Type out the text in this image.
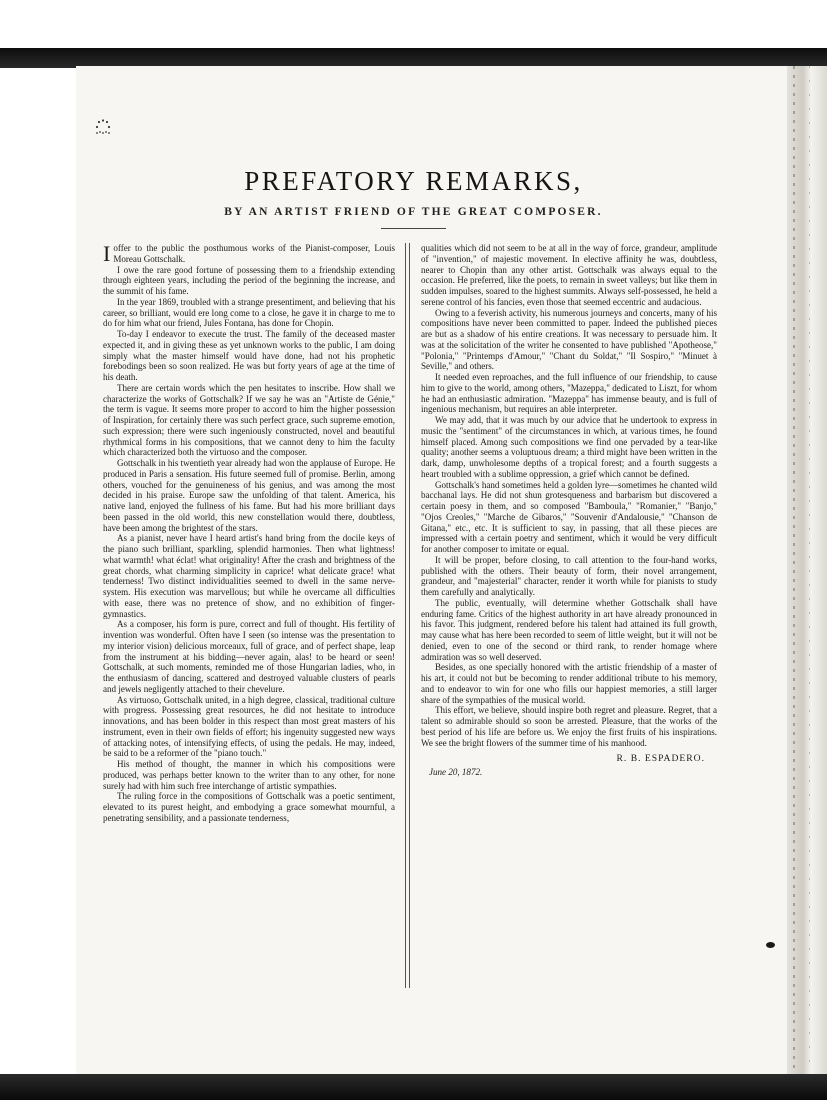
PREFATORY REMARKS,
BY AN ARTIST FRIEND OF THE GREAT COMPOSER.

Ioffer to the public the posthumous works of the Pianist-composer, Louis Moreau Gottschalk.

I owe the rare good fortune of possessing them to a friendship extending through eighteen years, including the period of the beginning the increase, and the summit of his fame.

In the year 1869, troubled with a strange presentiment, and believing that his career, so brilliant, would ere long come to a close, he gave it in charge to me to do for him what our friend, Jules Fontana, has done for Chopin.

To-day I endeavor to execute the trust. The family of the deceased master expected it, and in giving these as yet unknown works to the public, I am doing simply what the master himself would have done, had not his prophetic forebodings been so soon realized. He was but forty years of age at the time of his death.

There are certain words which the pen hesitates to inscribe. How shall we characterize the works of Gottschalk? If we say he was an "Artiste de Génie," the term is vague. It seems more proper to accord to him the higher possession of Inspiration, for certainly there was such perfect grace, such supreme emotion, such expression; there were such ingeniously constructed, novel and beautiful rhythmical forms in his compositions, that we cannot deny to him the faculty which characterized both the virtuoso and the composer.

Gottschalk in his twentieth year already had won the applause of Europe. He produced in Paris a sensation. His future seemed full of promise. Berlin, among others, vouched for the genuineness of his genius, and was among the most decided in his praise. Europe saw the unfolding of that talent. America, his native land, enjoyed the fullness of his fame. But had his more brilliant days been passed in the old world, this new constellation would there, doubtless, have been among the brightest of the stars.

As a pianist, never have I heard artist's hand bring from the docile keys of the piano such brilliant, sparkling, splendid harmonies. Then what lightness! what warmth! what éclat! what originality! After the crash and brightness of the great chords, what charming simplicity in caprice! what delicate grace! what tenderness! Two distinct individualities seemed to dwell in the same nerve-system. His execution was marvellous; but while he overcame all difficulties with ease, there was no pretence of show, and no exhibition of finger-gymnastics.

As a composer, his form is pure, correct and full of thought. His fertility of invention was wonderful. Often have I seen (so intense was the presentation to my interior vision) delicious morceaux, full of grace, and of perfect shape, leap from the instrument at his bidding—never again, alas! to be heard or seen! Gottschalk, at such moments, reminded me of those Hungarian ladies, who, in the enthusiasm of dancing, scattered and destroyed valuable clusters of pearls and jewels negligently attached to their chevelure.

As virtuoso, Gottschalk united, in a high degree, classical, traditional culture with progress. Possessing great resources, he did not hesitate to introduce innovations, and has been bolder in this respect than most great masters of his instrument, even in their own fields of effort; his ingenuity suggested new ways of attacking notes, of intensifying effects, of using the pedals. He may, indeed, be said to be a reformer of the "piano touch."

His method of thought, the manner in which his compositions were produced, was perhaps better known to the writer than to any other, for none surely had with him such free interchange of artistic sympathies.

The ruling force in the compositions of Gottschalk was a poetic sentiment, elevated to its purest height, and embodying a grace somewhat mournful, a penetrating sensibility, and a passionate tenderness,

qualities which did not seem to be at all in the way of force, grandeur, amplitude of "invention," of majestic movement. In elective affinity he was, doubtless, nearer to Chopin than any other artist. Gottschalk was always equal to the occasion. He preferred, like the poets, to remain in sweet valleys; but like them in sudden impulses, soared to the highest summits. Always self-possessed, he held a serene control of his fancies, even those that seemed eccentric and audacious.

Owing to a feverish activity, his numerous journeys and concerts, many of his compositions have never been committed to paper. Indeed the published pieces are but as a shadow of his entire creations. It was necessary to persuade him. It was at the solicitation of the writer he consented to have published "Apotheose," "Polonia," "Printemps d'Amour," "Chant du Soldat," "Il Sospiro," "Minuet à Seville," and others.

It needed even reproaches, and the full influence of our friendship, to cause him to give to the world, among others, "Mazeppa," dedicated to Liszt, for whom he had an enthusiastic admiration. "Mazeppa" has immense beauty, and is full of ingenious mechanism, but requires an able interpreter.

We may add, that it was much by our advice that he undertook to express in music the "sentiment" of the circumstances in which, at various times, he found himself placed. Among such compositions we find one pervaded by a tear-like quality; another seems a voluptuous dream; a third might have been written in the dark, damp, unwholesome depths of a tropical forest; and a fourth suggests a heart troubled with a sublime oppression, a grief which cannot be defined.

Gottschalk's hand sometimes held a golden lyre—sometimes he chanted wild bacchanal lays. He did not shun grotesqueness and barbarism but discovered a certain poesy in them, and so composed "Bamboula," "Romanier," "Banjo," "Ojos Creoles," "Marche de Gibaros," "Souvenir d'Andalousie," "Chanson de Gitana," etc., etc. It is sufficient to say, in passing, that all these pieces are impressed with a certain poetry and sentiment, which it would be very difficult for another composer to imitate or equal.

It will be proper, before closing, to call attention to the four-hand works, published with the others. Their beauty of form, their novel arrangement, grandeur, and "majesterial" character, render it worth while for pianists to study them carefully and analytically.

The public, eventually, will determine whether Gottschalk shall have enduring fame. Critics of the highest authority in art have already pronounced in his favor. This judgment, rendered before his talent had attained its full growth, may cause what has here been recorded to seem of little weight, but it will not be denied, even to one of the second or third rank, to render homage where admiration was so well deserved.

Besides, as one specially honored with the artistic friendship of a master of his art, it could not but be becoming to render additional tribute to his memory, and to endeavor to win for one who fills our happiest memories, a still larger share of the sympathies of the musical world.

This effort, we believe, should inspire both regret and pleasure. Regret, that a talent so admirable should so soon be arrested. Pleasure, that the works of the best period of his life are before us. We enjoy the first fruits of his inspirations. We see the bright flowers of the summer time of his manhood.

R. B. ESPADERO.

June 20, 1872.
